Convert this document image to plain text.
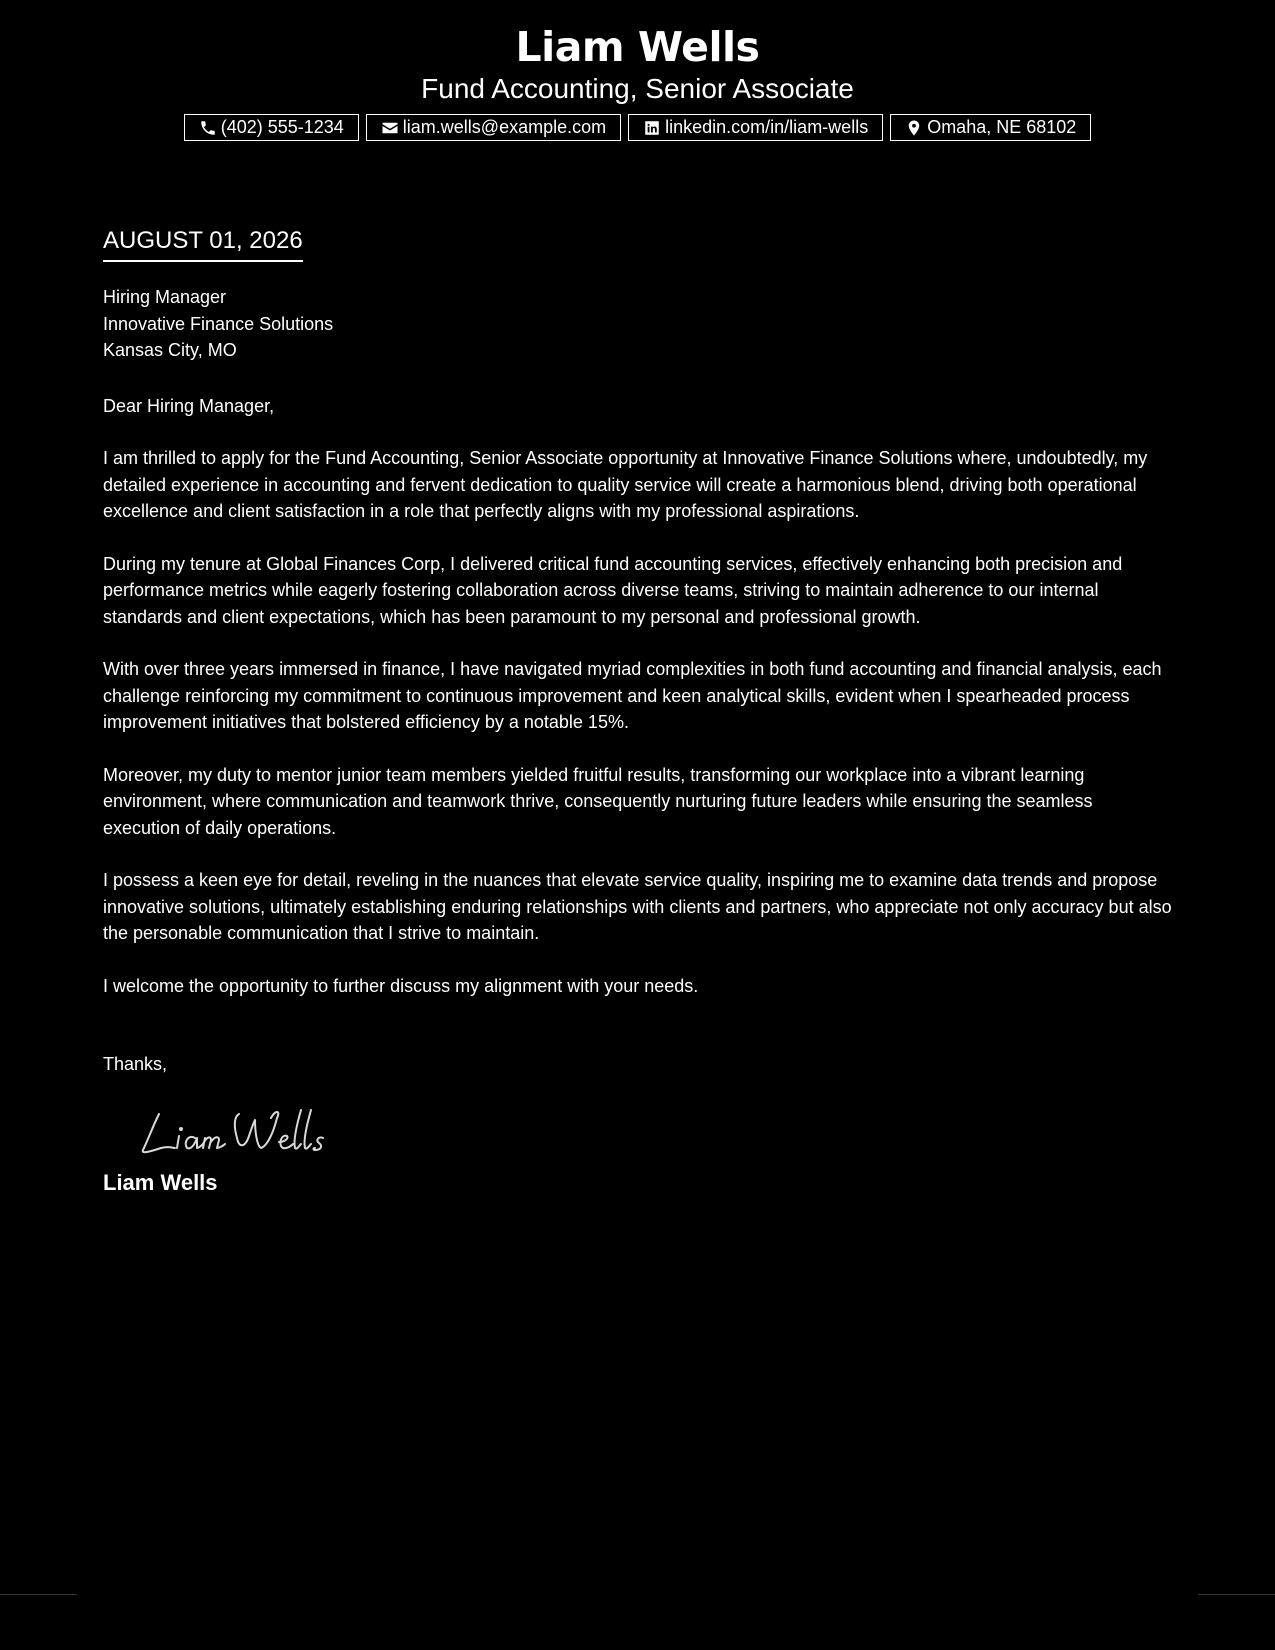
Liam Wells
Fund Accounting, Senior Associate
(402) 555-1234	liam.wells@example.com	linkedin.com/in/liam-wells	Omaha, NE 68102
AUGUST 01, 2026
Hiring Manager
Innovative Finance Solutions
Kansas City, MO
Dear Hiring Manager,
I am thrilled to apply for the Fund Accounting, Senior Associate opportunity at Innovative Finance Solutions where, undoubtedly, my detailed experience in accounting and fervent dedication to quality service will create a harmonious blend, driving both operational excellence and client satisfaction in a role that perfectly aligns with my professional aspirations.
During my tenure at Global Finances Corp, I delivered critical fund accounting services, effectively enhancing both precision and performance metrics while eagerly fostering collaboration across diverse teams, striving to maintain adherence to our internal standards and client expectations, which has been paramount to my personal and professional growth.
With over three years immersed in finance, I have navigated myriad complexities in both fund accounting and financial analysis, each challenge reinforcing my commitment to continuous improvement and keen analytical skills, evident when I spearheaded process improvement initiatives that bolstered efficiency by a notable 15%.
Moreover, my duty to mentor junior team members yielded fruitful results, transforming our workplace into a vibrant learning environment, where communication and teamwork thrive, consequently nurturing future leaders while ensuring the seamless execution of daily operations.
I possess a keen eye for detail, reveling in the nuances that elevate service quality, inspiring me to examine data trends and propose innovative solutions, ultimately establishing enduring relationships with clients and partners, who appreciate not only accuracy but also the personable communication that I strive to maintain.
I welcome the opportunity to further discuss my alignment with your needs.
Thanks,
Liam Wells
